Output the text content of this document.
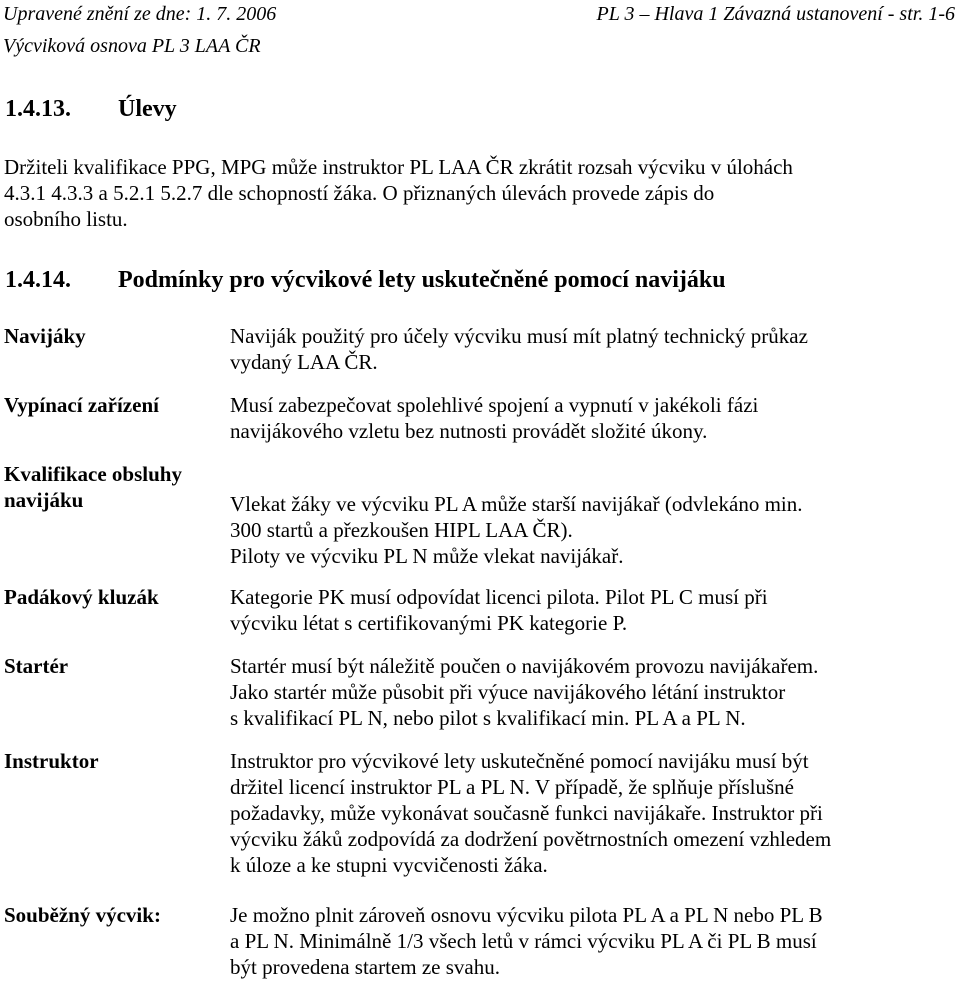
Upravené znění ze dne: 1. 7. 2006
Výcviková osnova PL 3 LAA ČR
PL 3 – Hlava 1 Závazná ustanovení - str. 1-6
1.4.13. Úlevy
Držiteli kvalifikace PPG, MPG může instruktor PL LAA ČR zkrátit rozsah výcviku v úlohách
4.3.1 4.3.3 a 5.2.1 5.2.7 dle schopností žáka. O přiznaných úlevách provede zápis do
osobního listu.
1.4.14. Podmínky pro výcvikové lety uskutečněné pomocí navijáku
Navijáky	Naviják použitý pro účely výcviku musí mít platný technický průkaz
vydaný LAA ČR.
Vypínací zařízení	Musí zabezpečovat spolehlivé spojení a vypnutí v jakékoli fázi
navijákového vzletu bez nutnosti provádět složité úkony.
Kvalifikace obsluhy
navijáku	Vlekat žáky ve výcviku PL A může starší navijákař (odvlekáno min.
300 startů a přezkoušen HIPL LAA ČR).
Piloty ve výcviku PL N může vlekat navijákař.
Padákový kluzák	Kategorie PK musí odpovídat licenci pilota. Pilot PL C musí při
výcviku létat s certifikovanými PK kategorie P.
Startér	Startér musí být náležitě poučen o navijákovém provozu navijákařem.
Jako startér může působit při výuce navijákového létání instruktor
s kvalifikací PL N, nebo pilot s kvalifikací min. PL A a PL N.
Instruktor	Instruktor pro výcvikové lety uskutečněné pomocí navijáku musí být
držitel licencí instruktor PL a PL N. V případě, že splňuje příslušné
požadavky, může vykonávat současně funkci navijákaře. Instruktor při
výcviku žáků zodpovídá za dodržení povětrnostních omezení vzhledem
k úloze a ke stupni vycvičenosti žáka.
Souběžný výcvik:	Je možno plnit zároveň osnovu výcviku pilota PL A a PL N nebo PL B
a PL N. Minimálně 1/3 všech letů v rámci výcviku PL A či PL B musí
být provedena startem ze svahu.
